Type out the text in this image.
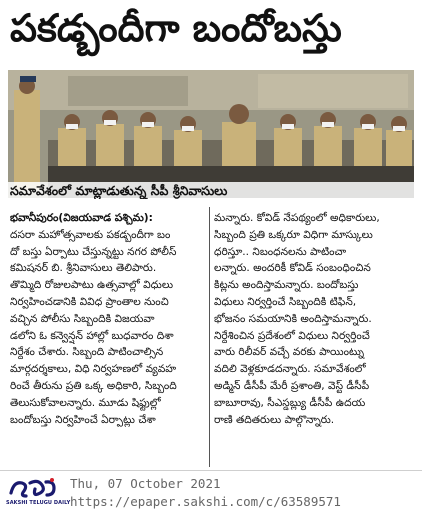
పకడ్బందీగా బందోబస్తు
సమావేశంలో మాట్లాడుతున్న సీపీ శ్రీనివాసులు
భవానీపురం(విజయవాడ పశ్చిమ):
దసరా మహోత్సవాలకు పకడ్బందీగా బం
దో బస్తు ఏర్పాటు చేస్తున్నట్టు నగర పోలీస్
కమిషనర్ బి. శ్రీనివాసులు తెలిపారు.
తొమ్మిది రోజులపాటు ఉత్సవాల్లో విధులు
నిర్వహించడానికి వివిధ ప్రాంతాల నుంచి
వచ్చిన పోలీసు సిబ్బందికి విజయవా
డలోని ఓ కన్వెన్షన్ హాల్లో బుధవారం దిశా
నిర్దేశం చేశారు. సిబ్బంది పాటించాల్సిన
మార్గదర్శకాలు, విధి నిర్వహణలో వ్యవహ
రించే తీరును ప్రతి ఒక్క అధికారి, సిబ్బంది
తెలుసుకోవాలన్నారు. మూడు షిఫ్టుల్లో
బందోబస్తు నిర్వహించే ఏర్పాట్లు చేశా
మన్నారు. కోవిడ్ నేపథ్యంలో అధికారులు,
సిబ్బంది ప్రతి ఒక్కరూ విధిగా మాస్కులు
ధరిస్తూ.. నిబంధనలను పాటించా
లన్నారు. అందరికీ కోవిడ్ సంబంధించిన
కిట్లను అందిస్తామన్నారు. బందోబస్తు
విధులు నిర్వర్తించే సిబ్బందికి టిఫిన్,
భోజనం సమయానికి అందిస్తామన్నారు.
నిర్దేశించిన ప్రదేశంలో విధులు నిర్వర్తించే
వారు రిలీవర్ వచ్చే వరకు పాయింట్ను
వదిలి వెళ్లకూడదన్నారు. సమావేశంలో
అడ్మిన్ డీసీపీ మేరీ ప్రశాంతి, వెస్ట్ డీసీపీ
బాబూరావు, సీఎస్డబ్ల్యు డీసీపీ ఉదయ
రాణి తదితరులు పాల్గొన్నారు.
SAKSHI TELUGU DAILY
Thu, 07 October 2021
https://epaper.sakshi.com/c/63589571
